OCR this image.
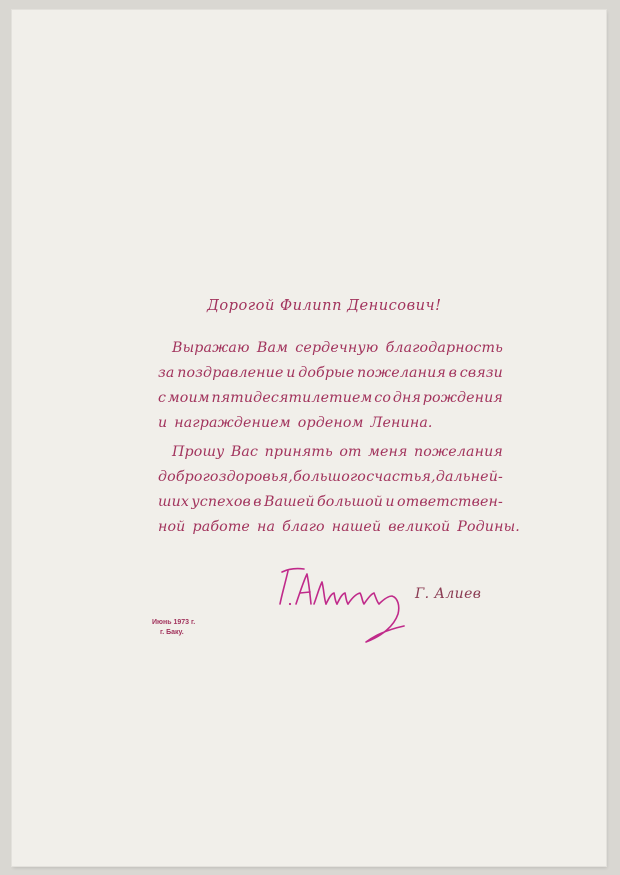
Дорогой Филипп Денисович!
Выражаю Вам сердечную благодарность
за поздравление и добрые пожелания в связи
с моим пятидесятилетием со дня рождения
и награждением орденом Ленина.
Прошу Вас принять от меня пожелания
доброго здоровья, большого счастья, дальней-
ших успехов в Вашей большой и ответствен-
ной работе на благо нашей великой Родины.
Г. Алиев
Июнь 1973 г.
г. Баку.
